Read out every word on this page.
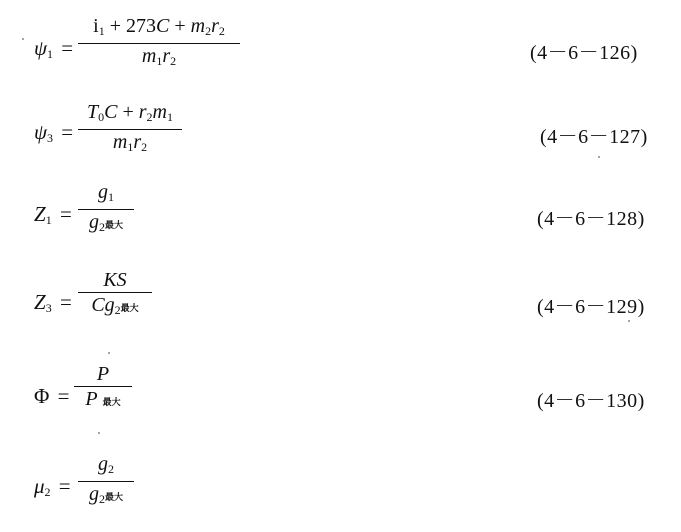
$\psi_1$ =
$i_1 + 273C + m_2r_2$
$m_1r_2$	(4－6－126)
$\psi_3$ =
$T_0C + r_2m_1$
$m_1r_2$	(4－6－127)
$Z_1$ =
$g_1$
$g_2$最大	(4－6－128)
$Z_3$ =
KS
$Cg_2$最大	(4－6－129)
Φ =
P
P 最大	(4－6－130)
$\mu_2$ =
$g_2$
$g_2$最大
